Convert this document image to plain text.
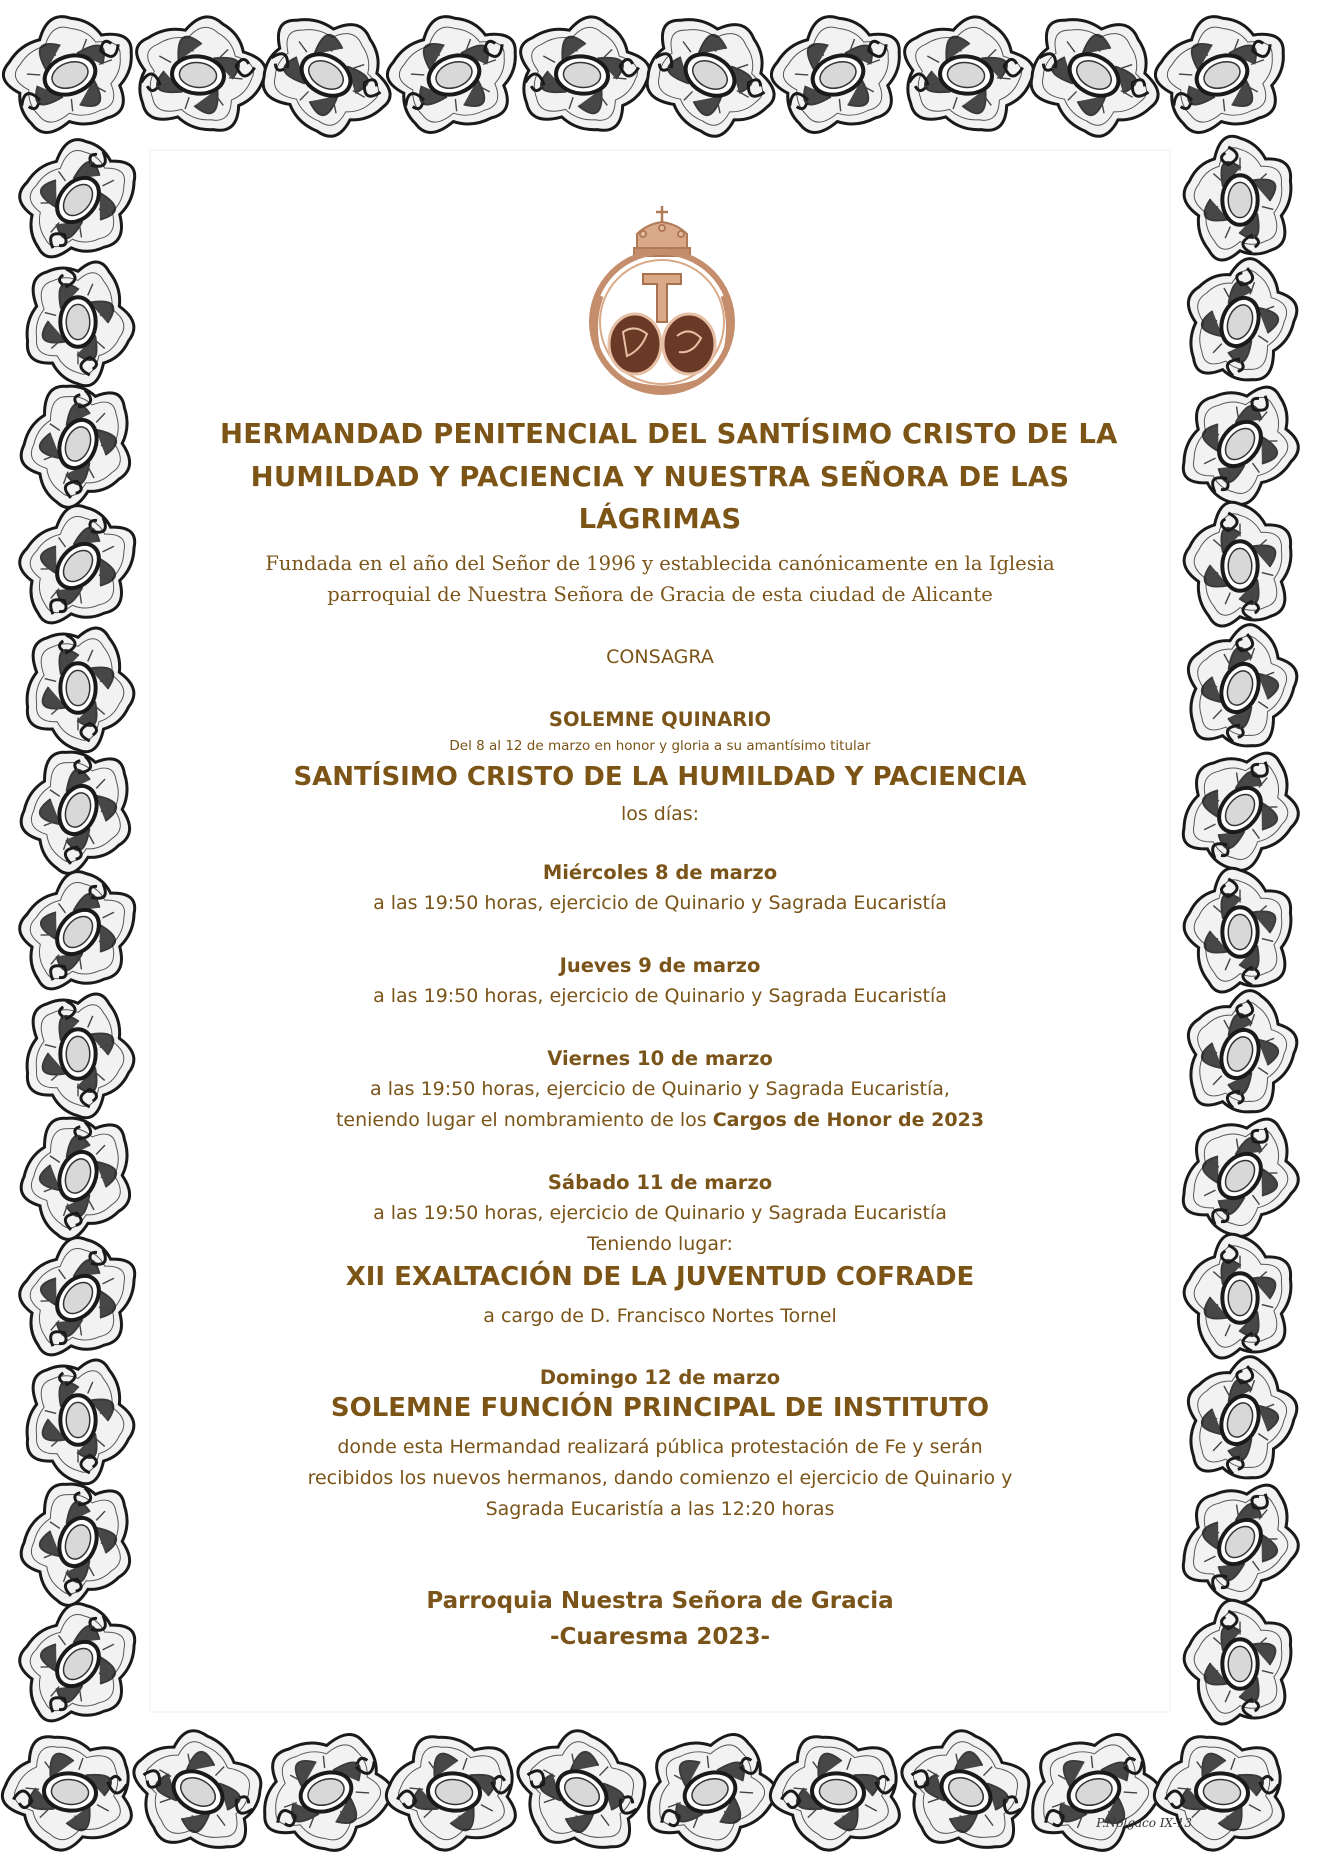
HERMANDAD PENITENCIAL DEL SANTÍSIMO CRISTO DE LA
HUMILDAD Y PACIENCIA Y NUESTRA SEÑORA DE LAS
LÁGRIMAS
Fundada en el año del Señor de 1996 y establecida canónicamente en la Iglesia
parroquial de Nuestra Señora de Gracia de esta ciudad de Alicante
CONSAGRA
SOLEMNE QUINARIO
Del 8 al 12 de marzo en honor y gloria a su amantísimo titular
SANTÍSIMO CRISTO DE LA HUMILDAD Y PACIENCIA
los días:
Miércoles 8 de marzo
a las 19:50 horas, ejercicio de Quinario y Sagrada Eucaristía
Jueves 9 de marzo
a las 19:50 horas, ejercicio de Quinario y Sagrada Eucaristía
Viernes 10 de marzo
a las 19:50 horas, ejercicio de Quinario y Sagrada Eucaristía,
teniendo lugar el nombramiento de los Cargos de Honor de 2023
Sábado 11 de marzo
a las 19:50 horas, ejercicio de Quinario y Sagrada Eucaristía
Teniendo lugar:
XII EXALTACIÓN DE LA JUVENTUD COFRADE
a cargo de D. Francisco Nortes Tornel
Domingo 12 de marzo
SOLEMNE FUNCIÓN PRINCIPAL DE INSTITUTO
donde esta Hermandad realizará pública protestación de Fe y serán
recibidos los nuevos hermanos, dando comienzo el ejercicio de Quinario y
Sagrada Eucaristía a las 12:20 horas
Parroquia Nuestra Señora de Gracia
-Cuaresma 2023-
P.Nolgaco IX-13
